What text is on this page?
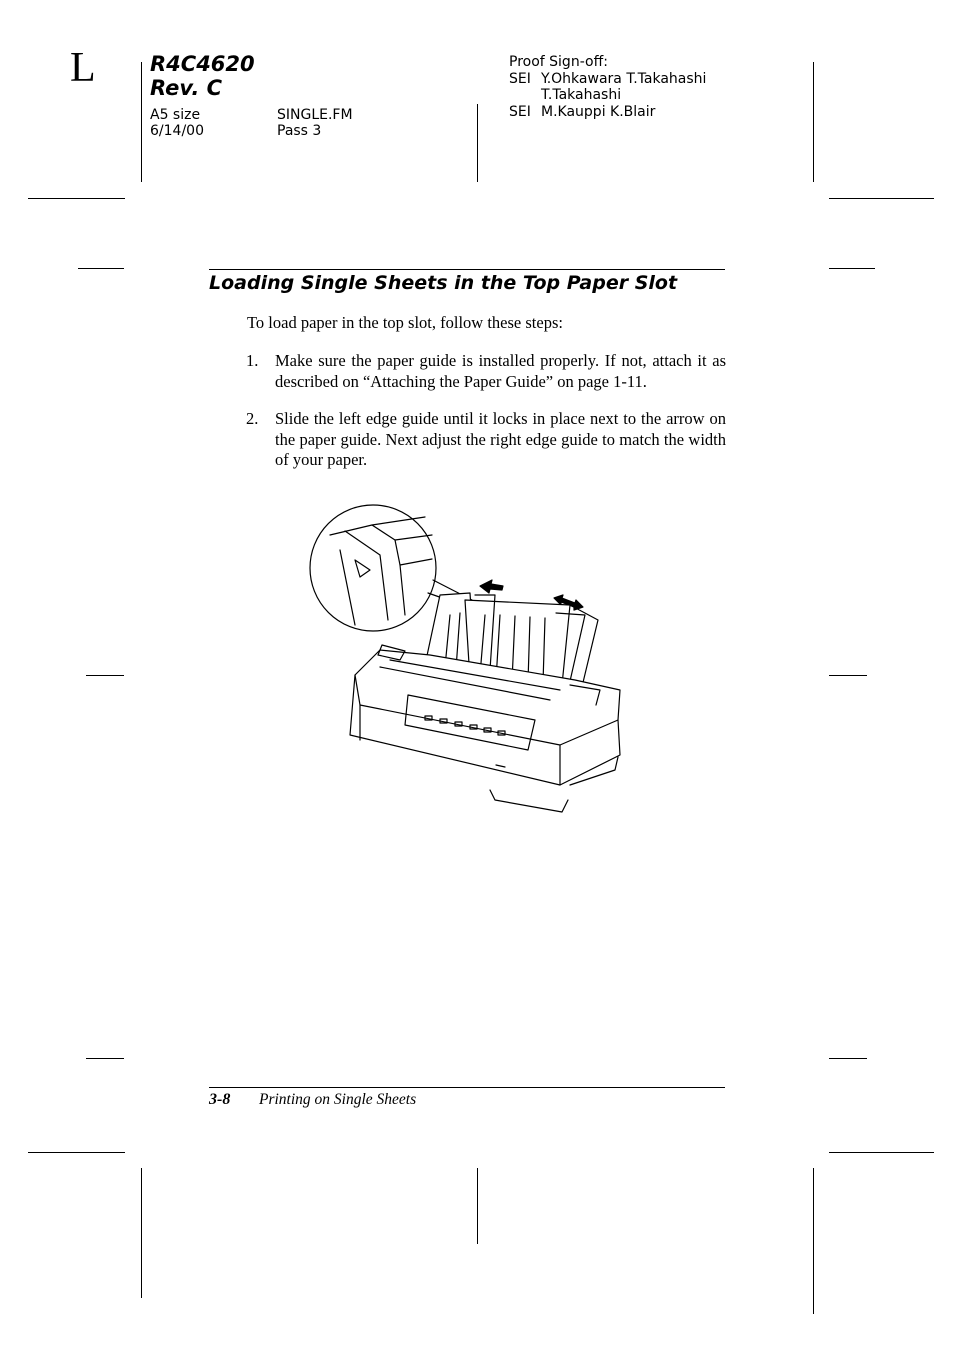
L	R4C4620
Rev. C
A5 size
6/14/00
SINGLE.FM
Pass 3
Proof Sign-off:
SEI Y.Ohkawara T.Takahashi
T.Takahashi
SEI M.Kauppi K.Blair
Loading Single Sheets in the Top Paper Slot
To load paper in the top slot, follow these steps:
1. Make sure the paper guide is installed properly. If not, attach it as described on “Attaching the Paper Guide” on page 1-11.
2. Slide the left edge guide until it locks in place next to the arrow on the paper guide. Next adjust the right edge guide to match the width of your paper.
3-8 Printing on Single Sheets
